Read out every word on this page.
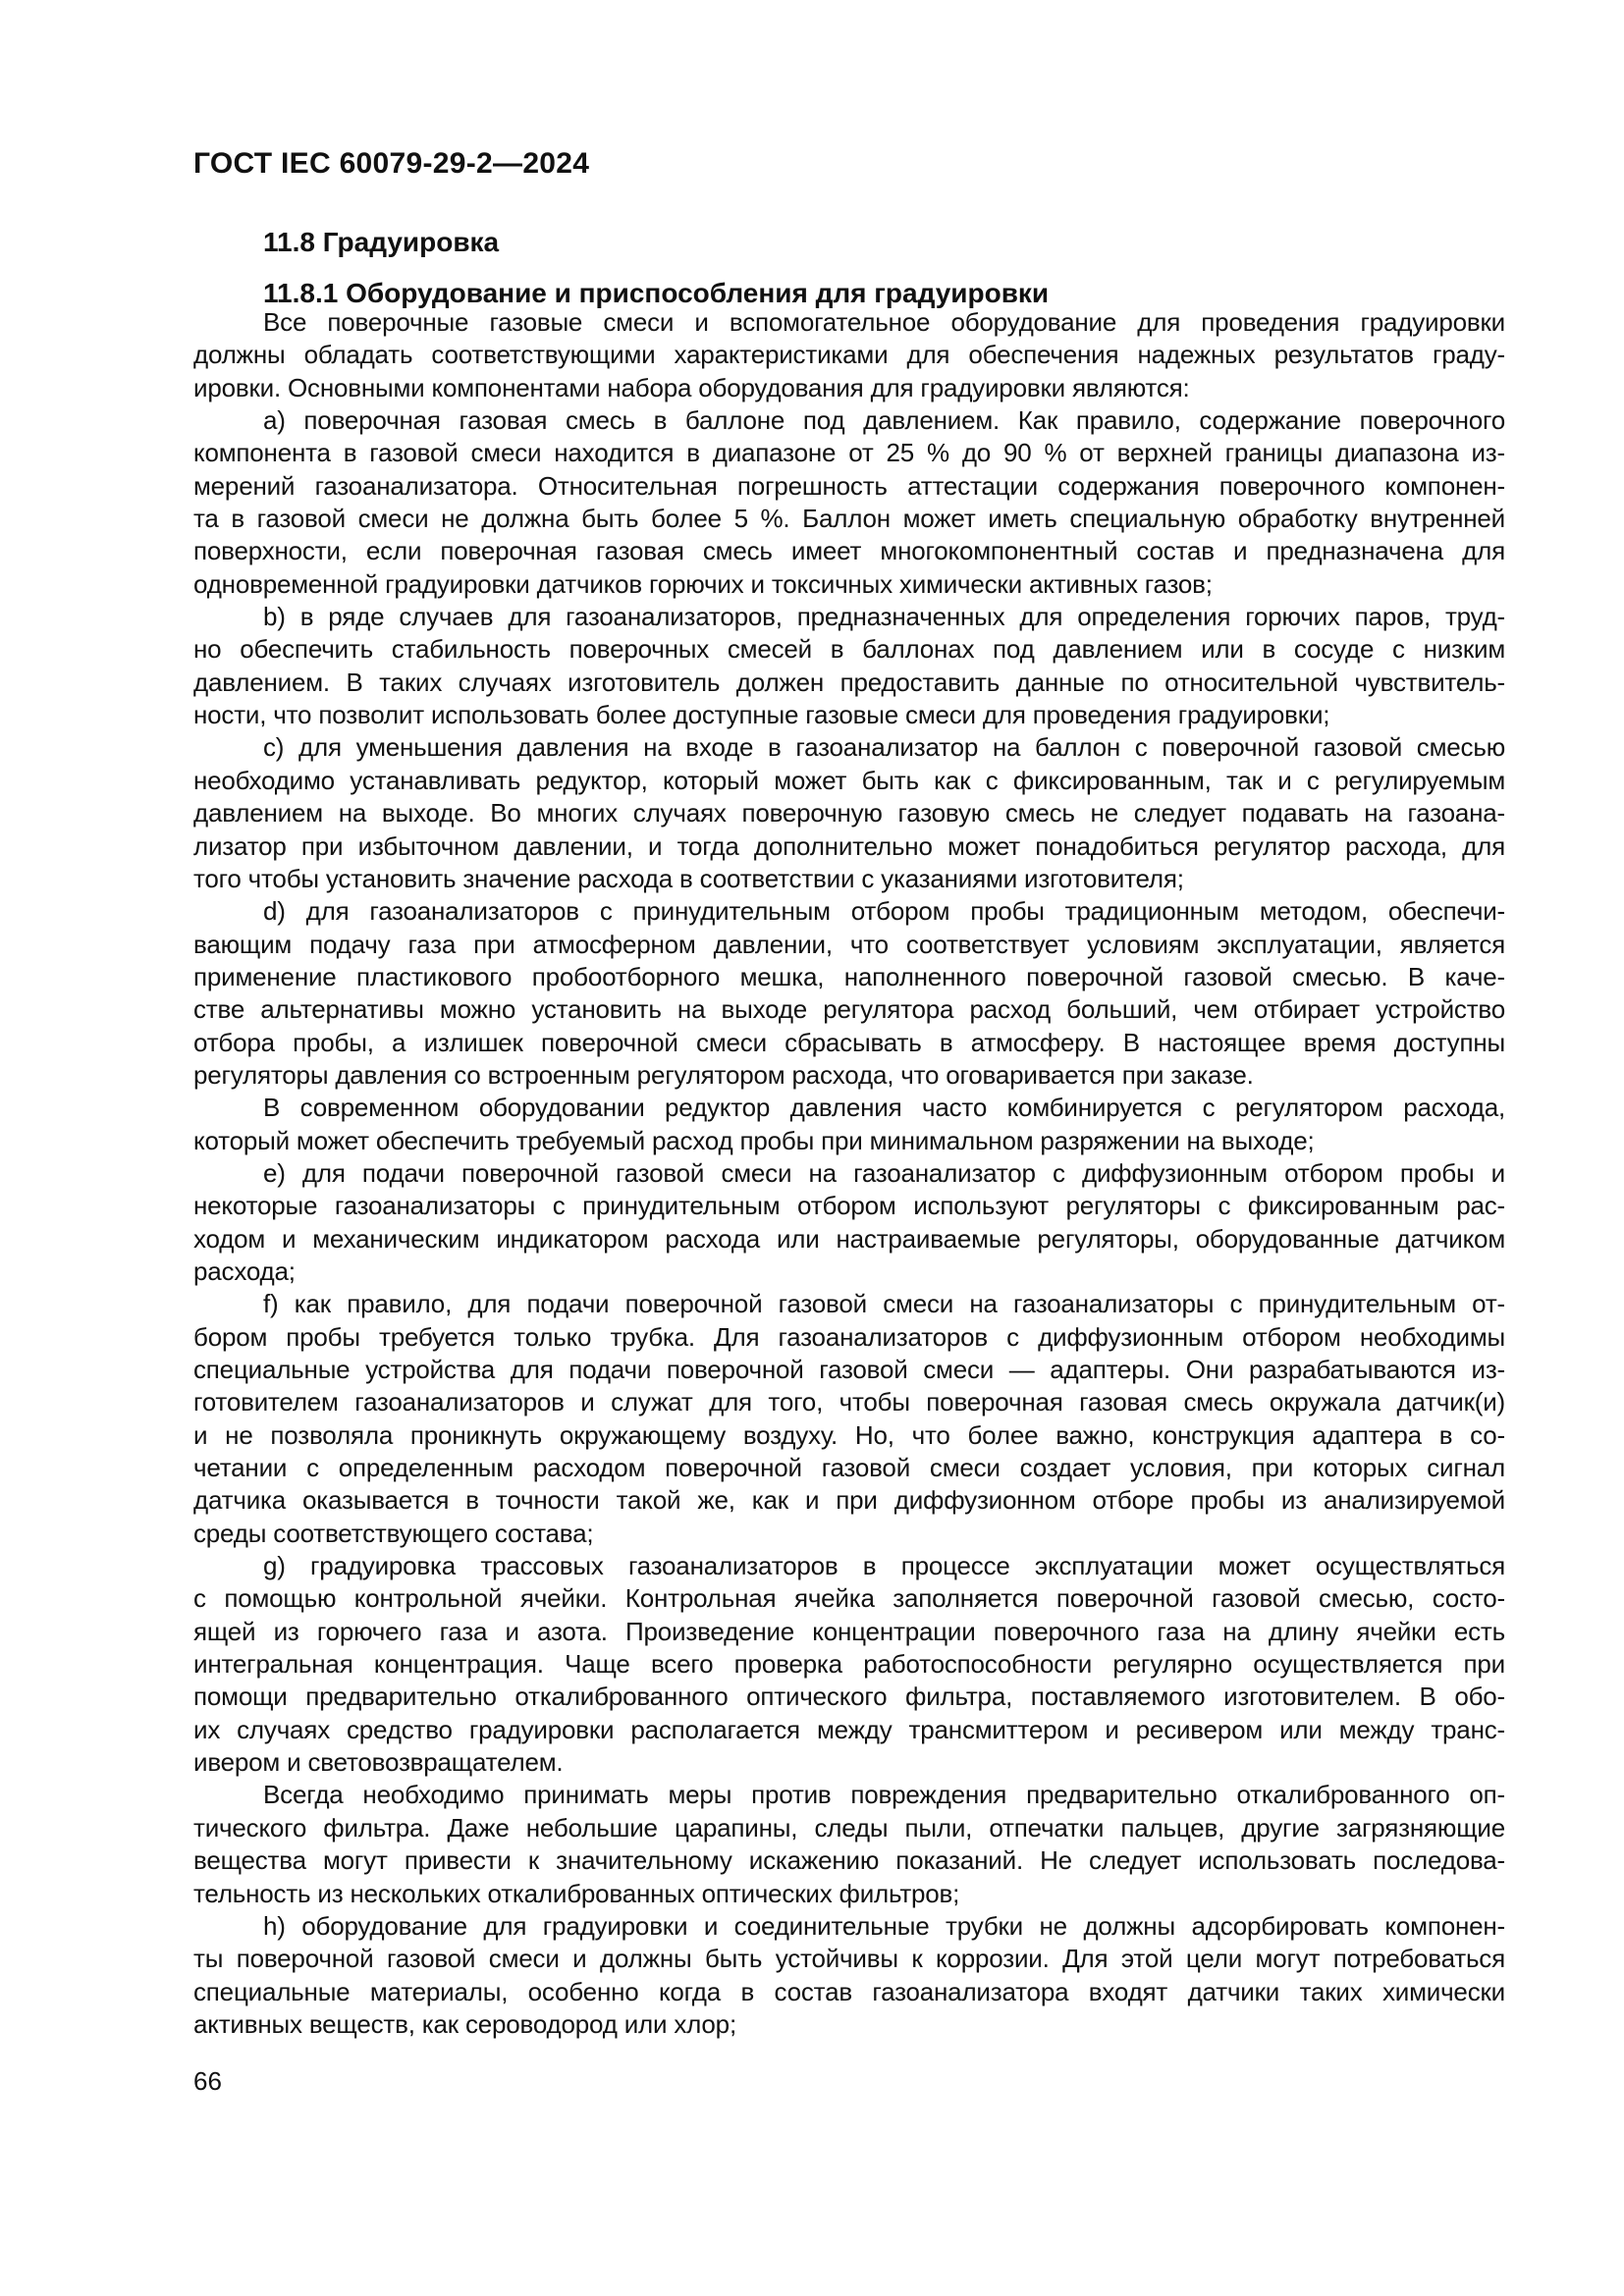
ГОСТ IEC 60079-29-2—2024
11.8 Градуировка
11.8.1 Оборудование и приспособления для градуировки
Все поверочные газовые смеси и вспомогательное оборудование для проведения градуировки
должны обладать соответствующими характеристиками для обеспечения надежных результатов граду-
ировки. Основными компонентами набора оборудования для градуировки являются:
a) поверочная газовая смесь в баллоне под давлением. Как правило, содержание поверочного
компонента в газовой смеси находится в диапазоне от 25 % до 90 % от верхней границы диапазона из-
мерений газоанализатора. Относительная погрешность аттестации содержания поверочного компонен-
та в газовой смеси не должна быть более 5 %. Баллон может иметь специальную обработку внутренней
поверхности, если поверочная газовая смесь имеет многокомпонентный состав и предназначена для
одновременной градуировки датчиков горючих и токсичных химически активных газов;
b) в ряде случаев для газоанализаторов, предназначенных для определения горючих паров, труд-
но обеспечить стабильность поверочных смесей в баллонах под давлением или в сосуде с низким
давлением. В таких случаях изготовитель должен предоставить данные по относительной чувствитель-
ности, что позволит использовать более доступные газовые смеси для проведения градуировки;
c) для уменьшения давления на входе в газоанализатор на баллон с поверочной газовой смесью
необходимо устанавливать редуктор, который может быть как с фиксированным, так и с регулируемым
давлением на выходе. Во многих случаях поверочную газовую смесь не следует подавать на газоана-
лизатор при избыточном давлении, и тогда дополнительно может понадобиться регулятор расхода, для
того чтобы установить значение расхода в соответствии с указаниями изготовителя;
d) для газоанализаторов с принудительным отбором пробы традиционным методом, обеспечи-
вающим подачу газа при атмосферном давлении, что соответствует условиям эксплуатации, является
применение пластикового пробоотборного мешка, наполненного поверочной газовой смесью. В каче-
стве альтернативы можно установить на выходе регулятора расход больший, чем отбирает устройство
отбора пробы, а излишек поверочной смеси сбрасывать в атмосферу. В настоящее время доступны
регуляторы давления со встроенным регулятором расхода, что оговаривается при заказе.
В современном оборудовании редуктор давления часто комбинируется с регулятором расхода,
который может обеспечить требуемый расход пробы при минимальном разряжении на выходе;
e) для подачи поверочной газовой смеси на газоанализатор с диффузионным отбором пробы и
некоторые газоанализаторы с принудительным отбором используют регуляторы с фиксированным рас-
ходом и механическим индикатором расхода или настраиваемые регуляторы, оборудованные датчиком
расхода;
f) как правило, для подачи поверочной газовой смеси на газоанализаторы с принудительным от-
бором пробы требуется только трубка. Для газоанализаторов с диффузионным отбором необходимы
специальные устройства для подачи поверочной газовой смеси — адаптеры. Они разрабатываются из-
готовителем газоанализаторов и служат для того, чтобы поверочная газовая смесь окружала датчик(и)
и не позволяла проникнуть окружающему воздуху. Но, что более важно, конструкция адаптера в со-
четании с определенным расходом поверочной газовой смеси создает условия, при которых сигнал
датчика оказывается в точности такой же, как и при диффузионном отборе пробы из анализируемой
среды соответствующего состава;
g) градуировка трассовых газоанализаторов в процессе эксплуатации может осуществляться
с помощью контрольной ячейки. Контрольная ячейка заполняется поверочной газовой смесью, состо-
ящей из горючего газа и азота. Произведение концентрации поверочного газа на длину ячейки есть
интегральная концентрация. Чаще всего проверка работоспособности регулярно осуществляется при
помощи предварительно откалиброванного оптического фильтра, поставляемого изготовителем. В обо-
их случаях средство градуировки располагается между трансмиттером и ресивером или между транс-
ивером и световозвращателем.
Всегда необходимо принимать меры против повреждения предварительно откалиброванного оп-
тического фильтра. Даже небольшие царапины, следы пыли, отпечатки пальцев, другие загрязняющие
вещества могут привести к значительному искажению показаний. Не следует использовать последова-
тельность из нескольких откалиброванных оптических фильтров;
h) оборудование для градуировки и соединительные трубки не должны адсорбировать компонен-
ты поверочной газовой смеси и должны быть устойчивы к коррозии. Для этой цели могут потребоваться
специальные материалы, особенно когда в состав газоанализатора входят датчики таких химически
активных веществ, как сероводород или хлор;
66
